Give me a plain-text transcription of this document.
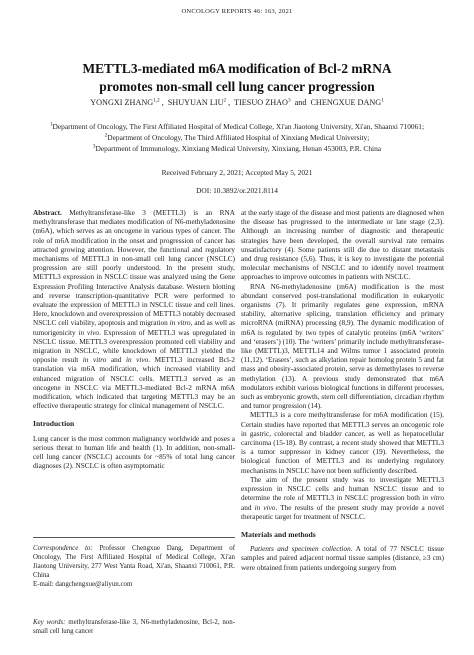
ONCOLOGY REPORTS 46: 163, 2021
METTL3-mediated m6A modification of Bcl-2 mRNA
promotes non-small cell lung cancer progression
YONGXI ZHANG$^{1,2}$ , SHUYUAN LIU$^2$ , TIESUO ZHAO$^3$ and CHENGXUE DANG$^1$
$^1$Department of Oncology, The First Affiliated Hospital of Medical College, Xi'an Jiaotong University, Xi'an, Shaanxi 710061;
$^2$Department of Oncology, The Third Affiliated Hospital of Xinxiang Medical University;
$^3$Department of Immunology, Xinxiang Medical University, Xinxiang, Henan 453003, P.R. China
Received February 2, 2021; Accepted May 5, 2021
DOI: 10.3892/or.2021.8114

Abstract. Methyltransferase-like 3 (METTL3) is an RNA methyltransferase that mediates modification of N6-methyladenosine (m6A), which serves as an oncogene in various types of cancer. The role of m6A modification in the onset and progression of cancer has attracted growing attention. However, the functional and regulatory mechanisms of METTL3 in non-small cell lung cancer (NSCLC) progression are still poorly understood. In the present study, METTL3 expression in NSCLC tissue was analyzed using the Gene Expression Profiling Interactive Analysis database. Western blotting and reverse transcription-quantitative PCR were performed to evaluate the expression of METTL3 in NSCLC tissue and cell lines. Here, knockdown and overexpression of METTL3 notably decreased NSCLC cell viability, apoptosis and migration in vitro, and as well as tumorigenicity in vivo. Expression of METTL3 was upregulated in NSCLC tissue. METTL3 overexpression promoted cell viability and migration in NSCLC, while knockdown of METTL3 yielded the opposite result in vitro and in vivo. METTL3 increased Bcl-2 translation via m6A modification, which increased viability and enhanced migration of NSCLC cells. METTL3 served as an oncogene in NSCLC via METTL3-mediated Bcl-2 mRNA m6A modification, which indicated that targeting METTL3 may be an effective therapeutic strategy for clinical management of NSCLC.

Introduction

Lung cancer is the most common malignancy worldwide and poses a serious threat to human life and health (1). In addition, non-small-cell lung cancer (NSCLC) accounts for ~85% of total lung cancer diagnoses (2). NSCLC is often asymptomatic

Correspondence to: Professor Chengxue Dang, Department of Oncology, The First Affiliated Hospital of Medical College, Xi'an Jiaotong University, 277 West Yanta Road, Xi'an, Shaanxi 710061, P.R. China
E-mail: dangchengxue@aliyun.com
Key words: methyltransferase-like 3, N6-methyladenosine, Bcl-2, non-small cell lung cancer

at the early stage of the disease and most patients are diagnosed when the disease has progressed to the intermediate or late stage (2,3). Although an increasing number of diagnostic and therapeutic strategies have been developed, the overall survival rate remains unsatisfactory (4). Some patients still die due to distant metastasis and drug resistance (5,6). Thus, it is key to investigate the potential molecular mechanisms of NSCLC and to identify novel treatment approaches to improve outcomes in patients with NSCLC.

RNA N6-methyladenosine (m6A) modification is the most abundant conserved post-translational modification in eukaryotic organisms (7). It primarily regulates gene expression, mRNA stability, alternative splicing, translation efficiency and primary microRNA (miRNA) processing (8,9). The dynamic modification of m6A is regulated by two types of catalytic proteins (m6A ‘writers’ and ‘erasers’) (10). The ‘writers’ primarily include methyltransferase-like (METTL)3, METTL14 and Wilms tumor 1 associated protein (11,12). ‘Erasers’, such as alkylation repair homolog protein 5 and fat mass and obesity-associated protein, serve as demethylases to reverse methylation (13). A previous study demonstrated that m6A modulators exhibit various biological functions in different processes, such as embryonic growth, stem cell differentiation, circadian rhythm and tumor progression (14).

METTL3 is a core methyltransferase for m6A modification (15). Certain studies have reported that METTL3 serves an oncogenic role in gastric, colorectal and bladder cancer, as well as hepatocellular carcinoma (15-18). By contrast, a recent study showed that METTL3 is a tumor suppressor in kidney cancer (19). Nevertheless, the biological function of METTL3 and its underlying regulatory mechanisms in NSCLC have not been sufficiently described.

The aim of the present study was to investigate METTL3 expression in NSCLC cells and human NSCLC tissue and to determine the role of METTL3 in NSCLC progression both in vitro and in vivo. The results of the present study may provide a novel therapeutic target for treatment of NSCLC.

Materials and methods

Patients and specimen collection. A total of 77 NSCLC tissue samples and paired adjacent normal tissue samples (distance, ≥3 cm) were obtained from patients undergoing surgery from
